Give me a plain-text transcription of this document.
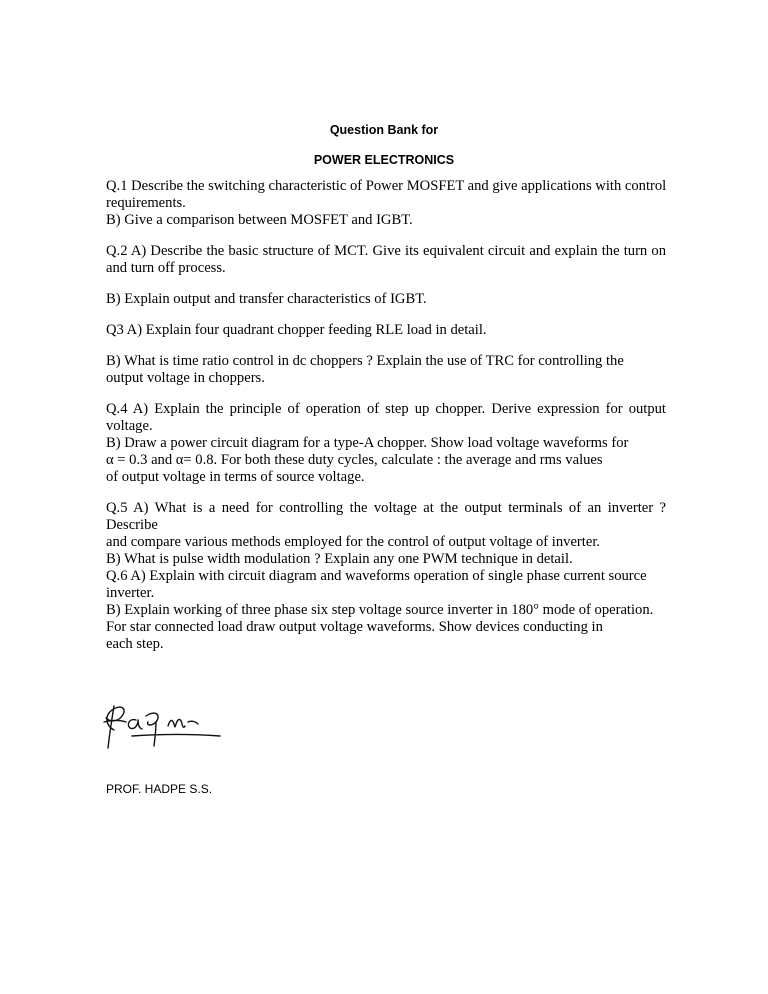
Question Bank for

POWER ELECTRONICS

Q.1 Describe the switching characteristic of Power MOSFET and give applications with control
requirements.
B) Give a comparison between MOSFET and IGBT.

Q.2 A) Describe the basic structure of MCT. Give its equivalent circuit and explain the turn on
and turn off process.

B) Explain output and transfer characteristics of IGBT.

Q3 A) Explain four quadrant chopper feeding RLE load in detail.

B) What is time ratio control in dc choppers ? Explain the use of TRC for controlling the
output voltage in choppers.

Q.4 A) Explain the principle of operation of step up chopper. Derive expression for output
voltage.
B) Draw a power circuit diagram for a type-A chopper. Show load voltage waveforms for
α = 0.3 and α= 0.8. For both these duty cycles, calculate : the average and rms values
of output voltage in terms of source voltage.

Q.5 A) What is a need for controlling the voltage at the output terminals of an inverter ?
Describe
and compare various methods employed for the control of output voltage of inverter.
B) What is pulse width modulation ? Explain any one PWM technique in detail.
Q.6 A) Explain with circuit diagram and waveforms operation of single phase current source
inverter.
B) Explain working of three phase six step voltage source inverter in 180° mode of operation.
For star connected load draw output voltage waveforms. Show devices conducting in
each step.

PROF. HADPE S.S.
